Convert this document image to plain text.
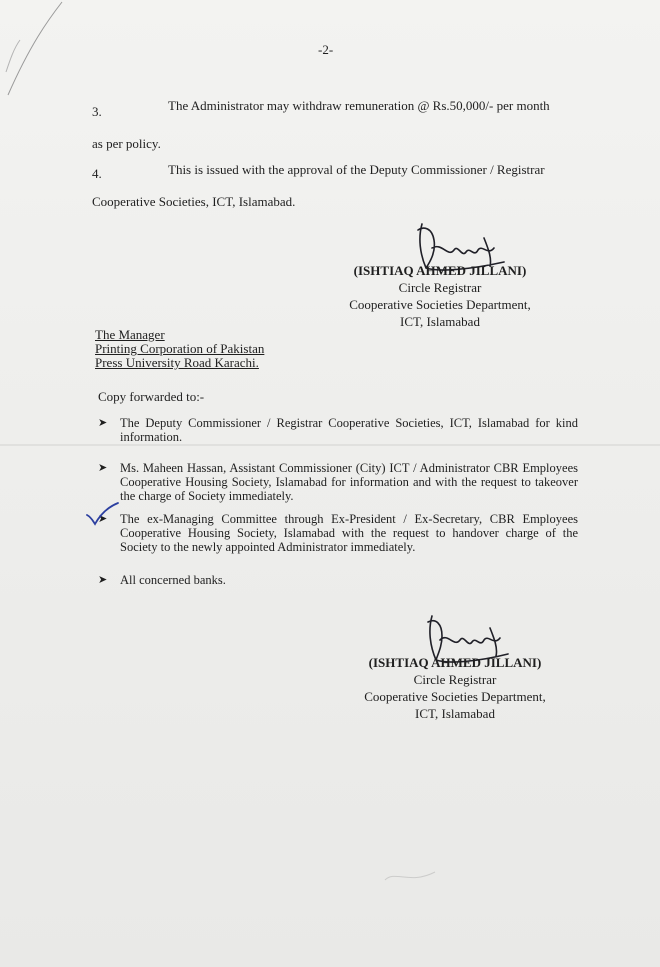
-2-
3.	The Administrator may withdraw remuneration @ Rs.50,000/- per month
as per policy.
4.	This is issued with the approval of the Deputy Commissioner / Registrar
Cooperative Societies, ICT, Islamabad.
(ISHTIAQ AHMED JILLANI)
Circle Registrar
Cooperative Societies Department,
ICT, Islamabad
The Manager
Printing Corporation of Pakistan
Press University Road Karachi.
Copy forwarded to:-

➤ The Deputy Commissioner / Registrar Cooperative Societies, ICT, Islamabad for kind information.

➤ Ms. Maheen Hassan, Assistant Commissioner (City) ICT / Administrator CBR Employees Cooperative Housing Society, Islamabad for information and with the request to takeover the charge of Society immediately.

➤ The ex-Managing Committee through Ex-President / Ex-Secretary, CBR Employees Cooperative Housing Society, Islamabad with the request to handover charge of the Society to the newly appointed Administrator immediately.

➤ All concerned banks.

(ISHTIAQ AHMED JILLANI)
Circle Registrar
Cooperative Societies Department,
ICT, Islamabad
